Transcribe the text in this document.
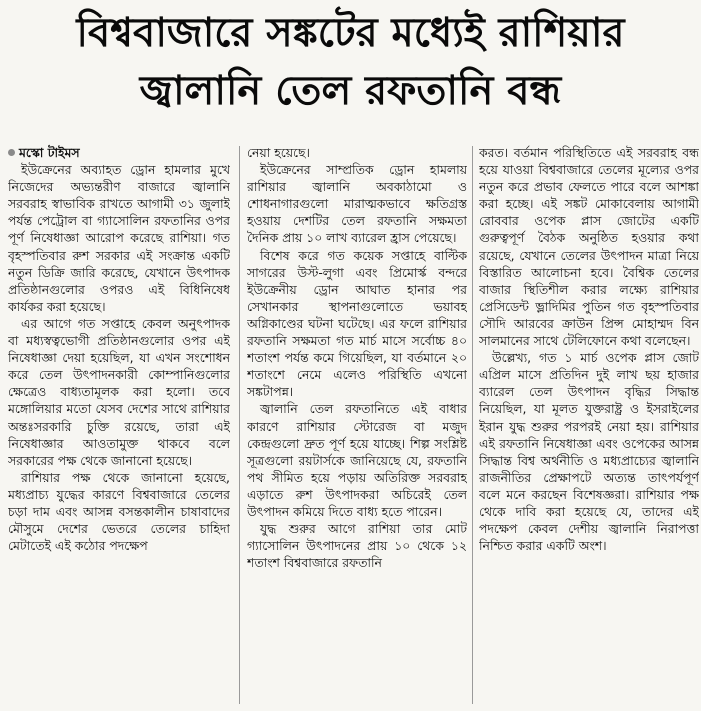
বিশ্ববাজারে সঙ্কটের মধ্যেই রাশিয়ার
জ্বালানি তেল রফতানি বন্ধ

মস্কো টাইমস

ইউক্রেনের অব্যাহত ড্রোন হামলার মুখে নিজেদের অভ্যন্তরীণ বাজারে জ্বালানি সরবরাহ স্বাভাবিক রাখতে আগামী ৩১ জুলাই পর্যন্ত পেট্রোল বা গ্যাসোলিন রফতানির ওপর পূর্ণ নিষেধাজ্ঞা আরোপ করেছে রাশিয়া। গত বৃহস্পতিবার রুশ সরকার এই সংক্রান্ত একটি নতুন ডিক্রি জারি করেছে, যেখানে উৎপাদক প্রতিষ্ঠানগুলোর ওপরও এই বিধিনিষেধ কার্যকর করা হয়েছে।

এর আগে গত সপ্তাহে কেবল অনুৎপাদক বা মধ্যস্বত্বভোগী প্রতিষ্ঠানগুলোর ওপর এই নিষেধাজ্ঞা দেয়া হয়েছিল, যা এখন সংশোধন করে তেল উৎপাদনকারী কোম্পানিগুলোর ক্ষেত্রেও বাধ্যতামূলক করা হলো। তবে মঙ্গোলিয়ার মতো যেসব দেশের সাথে রাশিয়ার অন্তঃসরকারি চুক্তি রয়েছে, তারা এই নিষেধাজ্ঞার আওতামুক্ত থাকবে বলে সরকারের পক্ষ থেকে জানানো হয়েছে।

রাশিয়ার পক্ষ থেকে জানানো হয়েছে, মধ্যপ্রাচ্য যুদ্ধের কারণে বিশ্ববাজারে তেলের চড়া দাম এবং আসন্ন বসন্তকালীন চাষাবাদের মৌসুমে দেশের ভেতরে তেলের চাহিদা মেটাতেই এই কঠোর পদক্ষেপ

নেয়া হয়েছে।

ইউক্রেনের সাম্প্রতিক ড্রোন হামলায় রাশিয়ার জ্বালানি অবকাঠামো ও শোধনাগারগুলো মারাত্মকভাবে ক্ষতিগ্রস্ত হওয়ায় দেশটির তেল রফতানি সক্ষমতা দৈনিক প্রায় ১০ লাখ ব্যারেল হ্রাস পেয়েছে।

বিশেষ করে গত কয়েক সপ্তাহে বাল্টিক সাগরের উস্ট-লুগা এবং প্রিমোর্স্ক বন্দরে ইউক্রেনীয় ড্রোন আঘাত হানার পর সেখানকার স্থাপনাগুলোতে ভয়াবহ অগ্নিকাণ্ডের ঘটনা ঘটেছে। এর ফলে রাশিয়ার রফতানি সক্ষমতা গত মার্চ মাসে সর্বোচ্চ ৪০ শতাংশ পর্যন্ত কমে গিয়েছিল, যা বর্তমানে ২০ শতাংশে নেমে এলেও পরিস্থিতি এখনো সঙ্কটাপন্ন।

জ্বালানি তেল রফতানিতে এই বাধার কারণে রাশিয়ার স্টোরেজ বা মজুদ কেন্দ্রগুলো দ্রুত পূর্ণ হয়ে যাচ্ছে। শিল্প সংশ্লিষ্ট সূত্রগুলো রয়টার্সকে জানিয়েছে যে, রফতানি পথ সীমিত হয়ে পড়ায় অতিরিক্ত সরবরাহ এড়াতে রুশ উৎপাদকরা অচিরেই তেল উৎপাদন কমিয়ে দিতে বাধ্য হতে পারেন।

যুদ্ধ শুরুর আগে রাশিয়া তার মোট গ্যাসোলিন উৎপাদনের প্রায় ১০ থেকে ১২ শতাংশ বিশ্ববাজারে রফতানি

করত। বর্তমান পরিস্থিতিতে এই সরবরাহ বন্ধ হয়ে যাওয়া বিশ্ববাজারে তেলের মূল্যের ওপর নতুন করে প্রভাব ফেলতে পারে বলে আশঙ্কা করা হচ্ছে। এই সঙ্কট মোকাবেলায় আগামী রোববার ওপেক প্লাস জোটের একটি গুরুত্বপূর্ণ বৈঠক অনুষ্ঠিত হওয়ার কথা রয়েছে, যেখানে তেলের উৎপাদন মাত্রা নিয়ে বিস্তারিত আলোচনা হবে। বৈশ্বিক তেলের বাজার স্থিতিশীল করার লক্ষ্যে রাশিয়ার প্রেসিডেন্ট ভ্লাদিমির পুতিন গত বৃহস্পতিবার সৌদি আরবের ক্রাউন প্রিন্স মোহাম্মদ বিন সালমানের সাথে টেলিফোনে কথা বলেছেন।

উল্লেখ্য, গত ১ মার্চ ওপেক প্লাস জোট এপ্রিল মাসে প্রতিদিন দুই লাখ ছয় হাজার ব্যারেল তেল উৎপাদন বৃদ্ধির সিদ্ধান্ত নিয়েছিল, যা মূলত যুক্তরাষ্ট্র ও ইসরাইলের ইরান যুদ্ধ শুরুর পরপরই নেয়া হয়। রাশিয়ার এই রফতানি নিষেধাজ্ঞা এবং ওপেকের আসন্ন সিদ্ধান্ত বিশ্ব অর্থনীতি ও মধ্যপ্রাচ্যের জ্বালানি রাজনীতির প্রেক্ষাপটে অত্যন্ত তাৎপর্যপূর্ণ বলে মনে করছেন বিশেষজ্ঞরা। রাশিয়ার পক্ষ থেকে দাবি করা হয়েছে যে, তাদের এই পদক্ষেপ কেবল দেশীয় জ্বালানি নিরাপত্তা নিশ্চিত করার একটি অংশ।
